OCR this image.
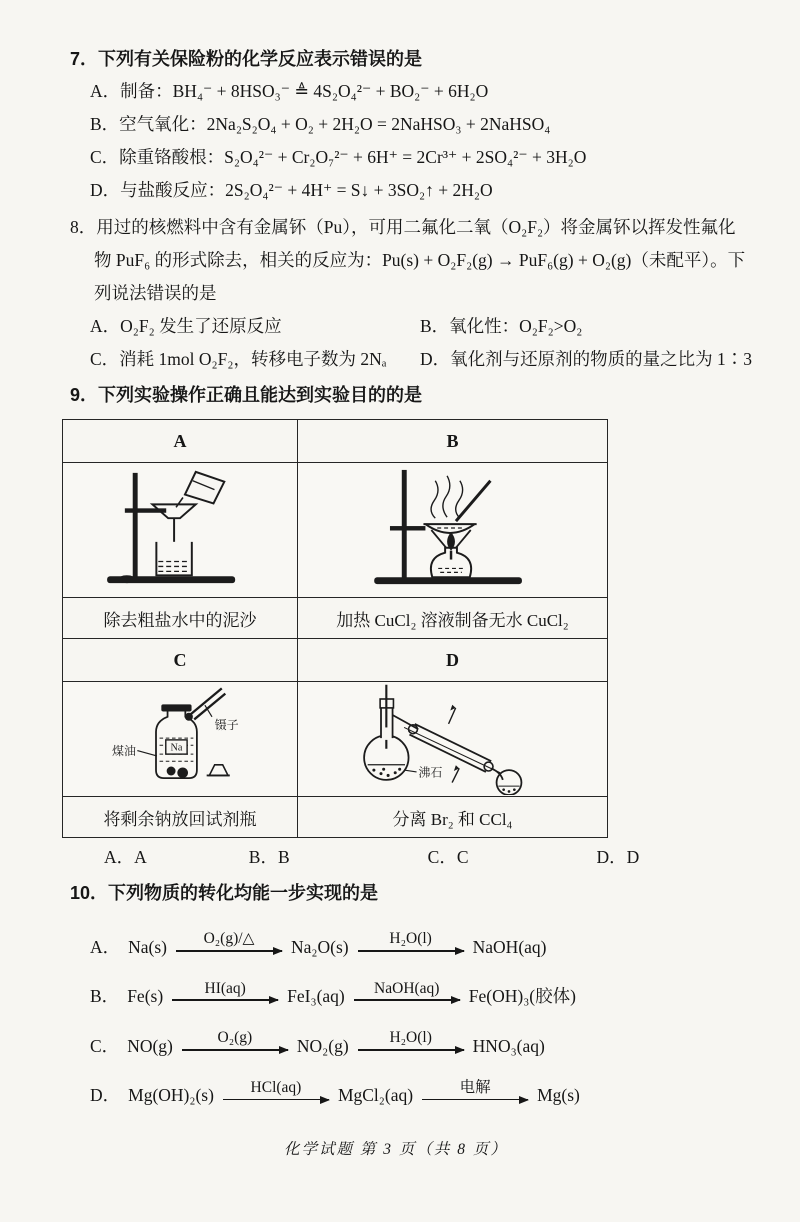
7．下列有关保险粉的化学反应表示错误的是
A．制备：BH₄⁻ + 8HSO₃⁻ ≜ 4S₂O₄²⁻ + BO₂⁻ + 6H₂O
B．空气氧化：2Na₂S₂O₄ + O₂ + 2H₂O = 2NaHSO₃ + 2NaHSO₄
C．除重铬酸根：S₂O₄²⁻ + Cr₂O₇²⁻ + 6H⁺ = 2Cr³⁺ + 2SO₄²⁻ + 3H₂O
D．与盐酸反应：2S₂O₄²⁻ + 4H⁺ = S↓ + 3SO₂↑ + 2H₂O
8．用过的核燃料中含有金属钚（Pu），可用二氟化二氧（O₂F₂）将金属钚以挥发性氟化
物 PuF₆ 的形式除去，相关的反应为：Pu(s) + O₂F₂(g) → PuF₆(g) + O₂(g)（未配平）。下
列说法错误的是
A．O₂F₂ 发生了还原反应	B．氧化性：O₂F₂>O₂
C．消耗 1mol O₂F₂，转移电子数为 2Nₐ	D．氧化剂与还原剂的物质的量之比为 1∶3
9．下列实验操作正确且能达到实验目的的是
A	B

除去粗盐水中的泥沙	加热 CuCl₂ 溶液制备无水 CuCl₂
C	D

Na
镊子
煤油	沸石

将剩余钠放回试剂瓶	分离 Br₂ 和 CCl₄
A．A	B．B	C．C	D．D
10．下列物质的转化均能一步实现的是
A． Na(s)	O₂(g)/△ Na₂O(s)	H₂O(l) NaOH(aq)
B． Fe(s)	HI(aq) FeI₃(aq)	NaOH(aq) Fe(OH)₃(胶体)
C． NO(g)	O₂(g)	NO₂(g)	H₂O(l) HNO₃(aq)
D． Mg(OH)₂(s)	HCl(aq) MgCl₂(aq)	电解	Mg(s)
化学试题 第 3 页（共 8 页）
